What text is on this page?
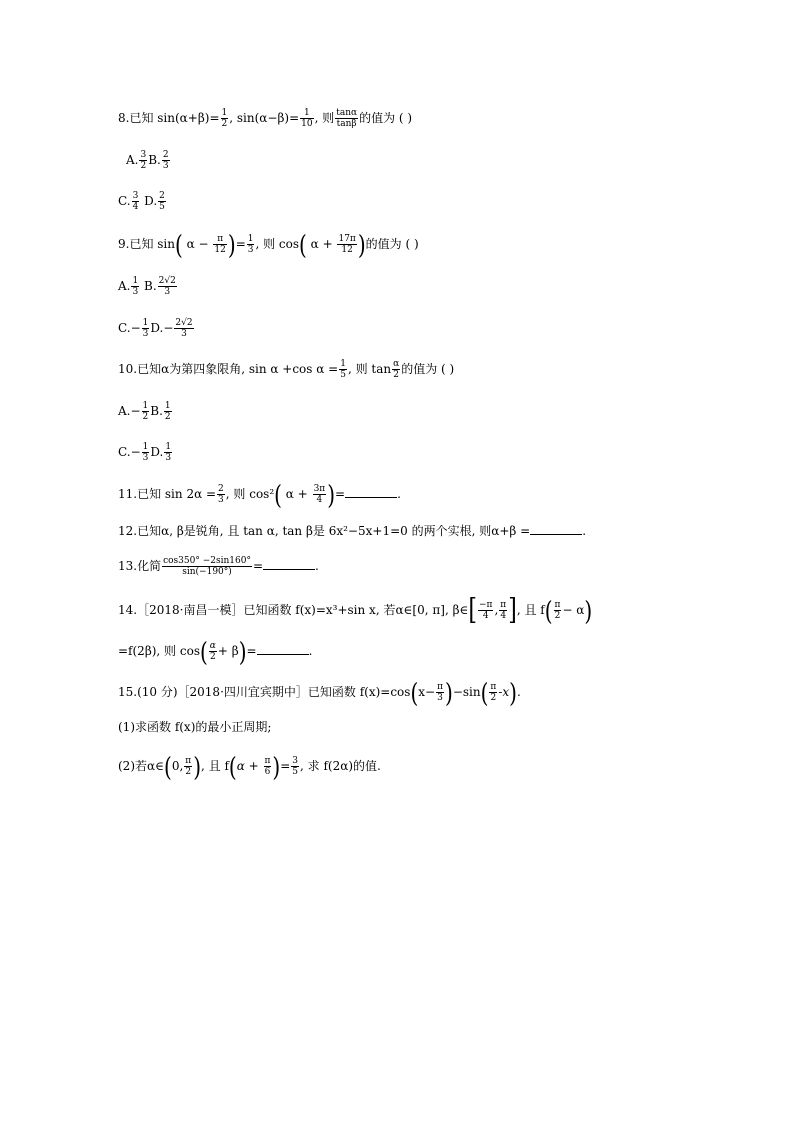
8.已知 $\sin(\alpha+\beta)= \frac{1}{2}$ , $\sin(\alpha-\beta)= \frac{1}{10}$ , 则 $\frac{\tan\alpha}{\tan\beta}$ 的值为 ( )
A. $\frac{3}{2} B$. $\frac{2}{3}$
C. $\frac{3}{4} D$. $\frac{2}{5}$
9.已知 sin( $\alpha - \frac{\pi}{12}$ )= $\frac{1}{3}$ , 则 cos( $\alpha + \frac{17\pi}{12}$ )的值为 ( )
A. $\frac{1}{3} B$. $\frac{2√2}{3}$
$C.- \frac{1}{3} D.- \frac{2√2}{3}$
10.已知α为第四象限角, sin α +cos $\alpha = \frac{1}{5}$ , 则 $\tan \frac{\alpha}{2}$ 的值为 ( )
$A.- \frac{1}{2} B$. $\frac{1}{2}$
$C.- \frac{1}{3} D$. $\frac{1}{3}$
11.已知 $\sin 2\alpha = \frac{2}{3}$ , 则 cos²( $\alpha + \frac{3\pi}{4}$ )=	.
12.已知α, β是锐角, 且 tan α, tan β是 6x²−5x+1=0 的两个实根, 则α+β =	.
13.化简 $\frac{\cos 350^\circ -2\sin 160^\circ}{\sin(-190^\circ)}$ =	.
14.［2018·南昌一模］已知函数 f(x)=x³+sin x, 若α∈[0, π], β∈[ $\frac{-\pi}{4}$ , $\frac{\pi}{4}$ ], 且 $f( \frac{\pi}{2} - \alpha)$
=f(2β), 则 $\cos( \frac{\alpha}{2} + \beta)=$	.
15.(10 分)［2018·四川宜宾期中］已知函数 $f(x)=\cos(x- \frac{\pi}{3} )-\sin( \frac{\pi}{2} -x)$.
(1)求函数 f(x)的最小正周期;
(2)若α∈(0, $\frac{\pi}{2}$ ), 且 $f(\alpha + \frac{\pi}{6}$ )= $\frac{3}{5}$ , 求 f(2α)的值.
